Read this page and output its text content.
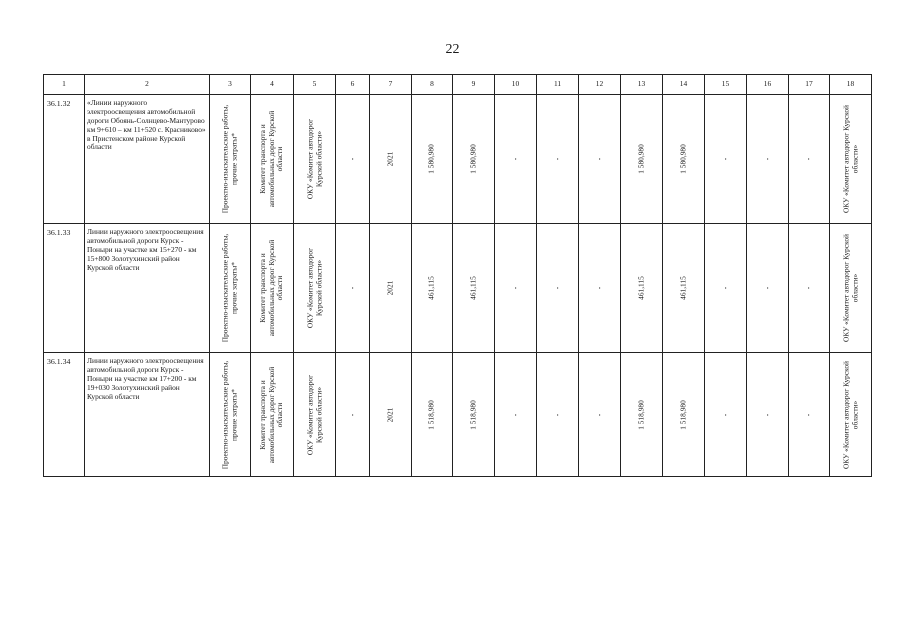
22
1	2	3	4	5	6	7	8	9	10	11	12	13	14	15	16	17	18
36.1.32	«Линии наружного электроосвещения автомобильной дороги Обоянь-Солнцево-Мантурово км 9+610 – км 11+520 с. Красниково» в Пристенском районе Курской области	Проектно-изыскательские работы, прочие затраты*	Комитет транспорта и автомобильных дорог Курской области	ОКУ «Комитет автодорог Курской области»	-	2021	1 580,980	1 580,980	-	-	-	1 580,980	1 580,980	-	-	-	ОКУ «Комитет автодорог Курской области»

36.1.33	Линии наружного электроосвещения автомобильной дороги Курск - Поныри на участке км 15+270 - км 15+800 Золотухинский район Курской области	Проектно-изыскательские работы, прочие затраты*	Комитет транспорта и автомобильных дорог Курской области	ОКУ «Комитет автодорог Курской области»	-	2021	461,115	461,115	-	-	-	461,115	461,115	-	-	-	ОКУ «Комитет автодорог Курской области»

36.1.34	Линии наружного электроосвещения автомобильной дороги Курск - Поныри на участке км 17+200 - км 19+030 Золотухинский район Курской области	Проектно-изыскательские работы, прочие затраты*	Комитет транспорта и автомобильных дорог Курской области	ОКУ «Комитет автодорог Курской области»	-	2021	1 518,980	1 518,980	-	-	-	1 518,980	1 518,980	-	-	-	ОКУ «Комитет автодорог Курской области»
